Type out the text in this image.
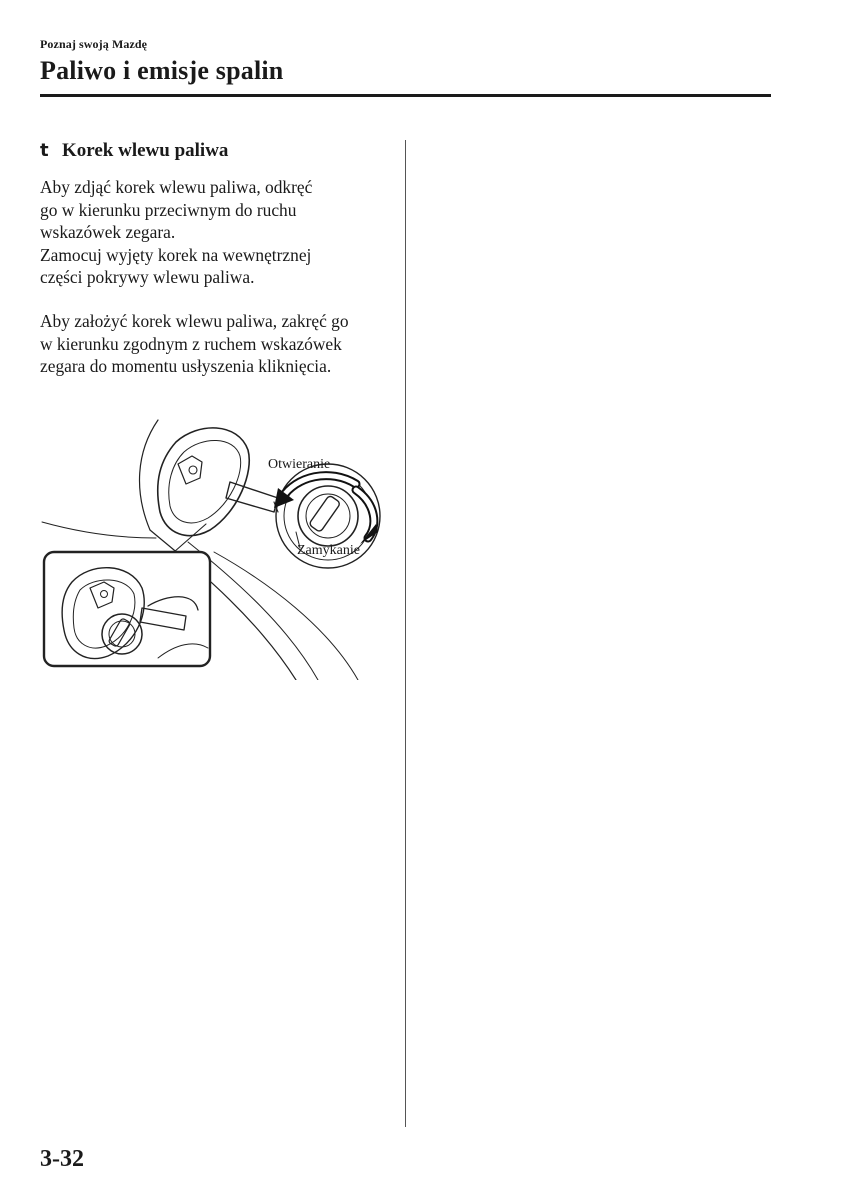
Poznaj swoją Mazdę
Paliwo i emisje spalin
t Korek wlewu paliwa
Aby zdjąć korek wlewu paliwa, odkręć
go w kierunku przeciwnym do ruchu
wskazówek zegara.
Zamocuj wyjęty korek na wewnętrznej
części pokrywy wlewu paliwa.
Aby założyć korek wlewu paliwa, zakręć go
w kierunku zgodnym z ruchem wskazówek
zegara do momentu usłyszenia kliknięcia.
Otwieranie
Zamykanie
3-32
